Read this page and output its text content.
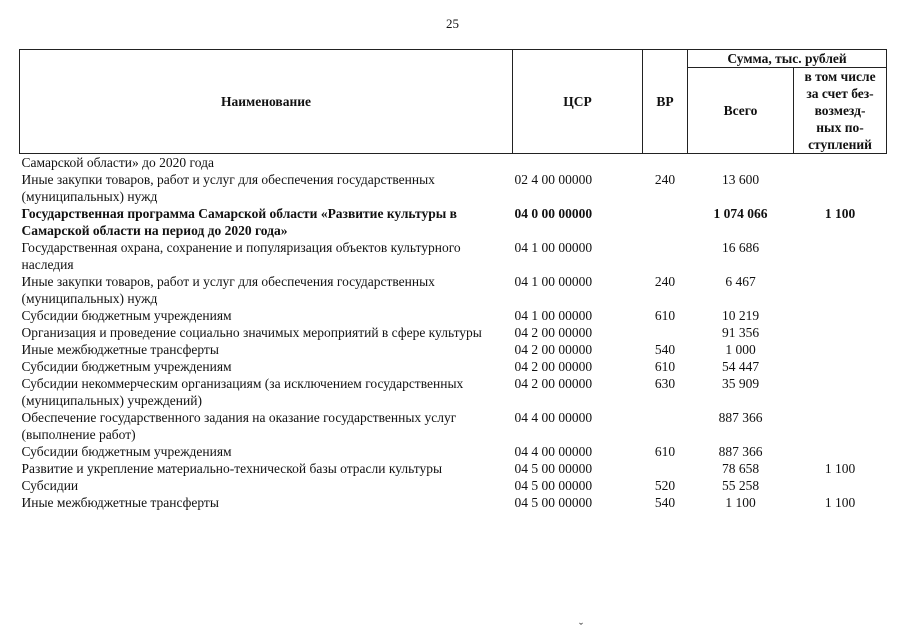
25
Наименование	ЦСР	ВР	Сумма, тыс. рублей	
			Всего	в том числе
за счет без-
возмезд-
ных по-
ступлений

Самарской области» до 2020 года				
Иные закупки товаров, работ и услуг для обеспечения государственных (муниципальных) нужд	02 4 00 00000	240	13 600	
Государственная программа Самарской области «Развитие культуры в Самарской области на период до 2020 года»	04 0 00 00000		1 074 066	1 100
Государственная охрана, сохранение и популяризация объектов культурного наследия	04 1 00 00000		16 686	
Иные закупки товаров, работ и услуг для обеспечения государственных (муниципальных) нужд	04 1 00 00000	240	6 467	
Субсидии бюджетным учреждениям	04 1 00 00000	610	10 219	
Организация и проведение социально значимых мероприятий в сфере культуры	04 2 00 00000		91 356	
Иные межбюджетные трансферты	04 2 00 00000	540	1 000	
Субсидии бюджетным учреждениям	04 2 00 00000	610	54 447	
Субсидии некоммерческим организациям (за исключением государственных (муниципальных) учреждений)	04 2 00 00000	630	35 909	
Обеспечение государственного задания на оказание государственных услуг (выполнение работ)	04 4 00 00000		887 366	
Субсидии бюджетным учреждениям	04 4 00 00000	610	887 366	
Развитие и укрепление материально-технической базы отрасли культуры	04 5 00 00000		78 658	1 100
Субсидии	04 5 00 00000	520	55 258	
Иные межбюджетные трансферты	04 5 00 00000	540	1 100	1 100
ˇ
